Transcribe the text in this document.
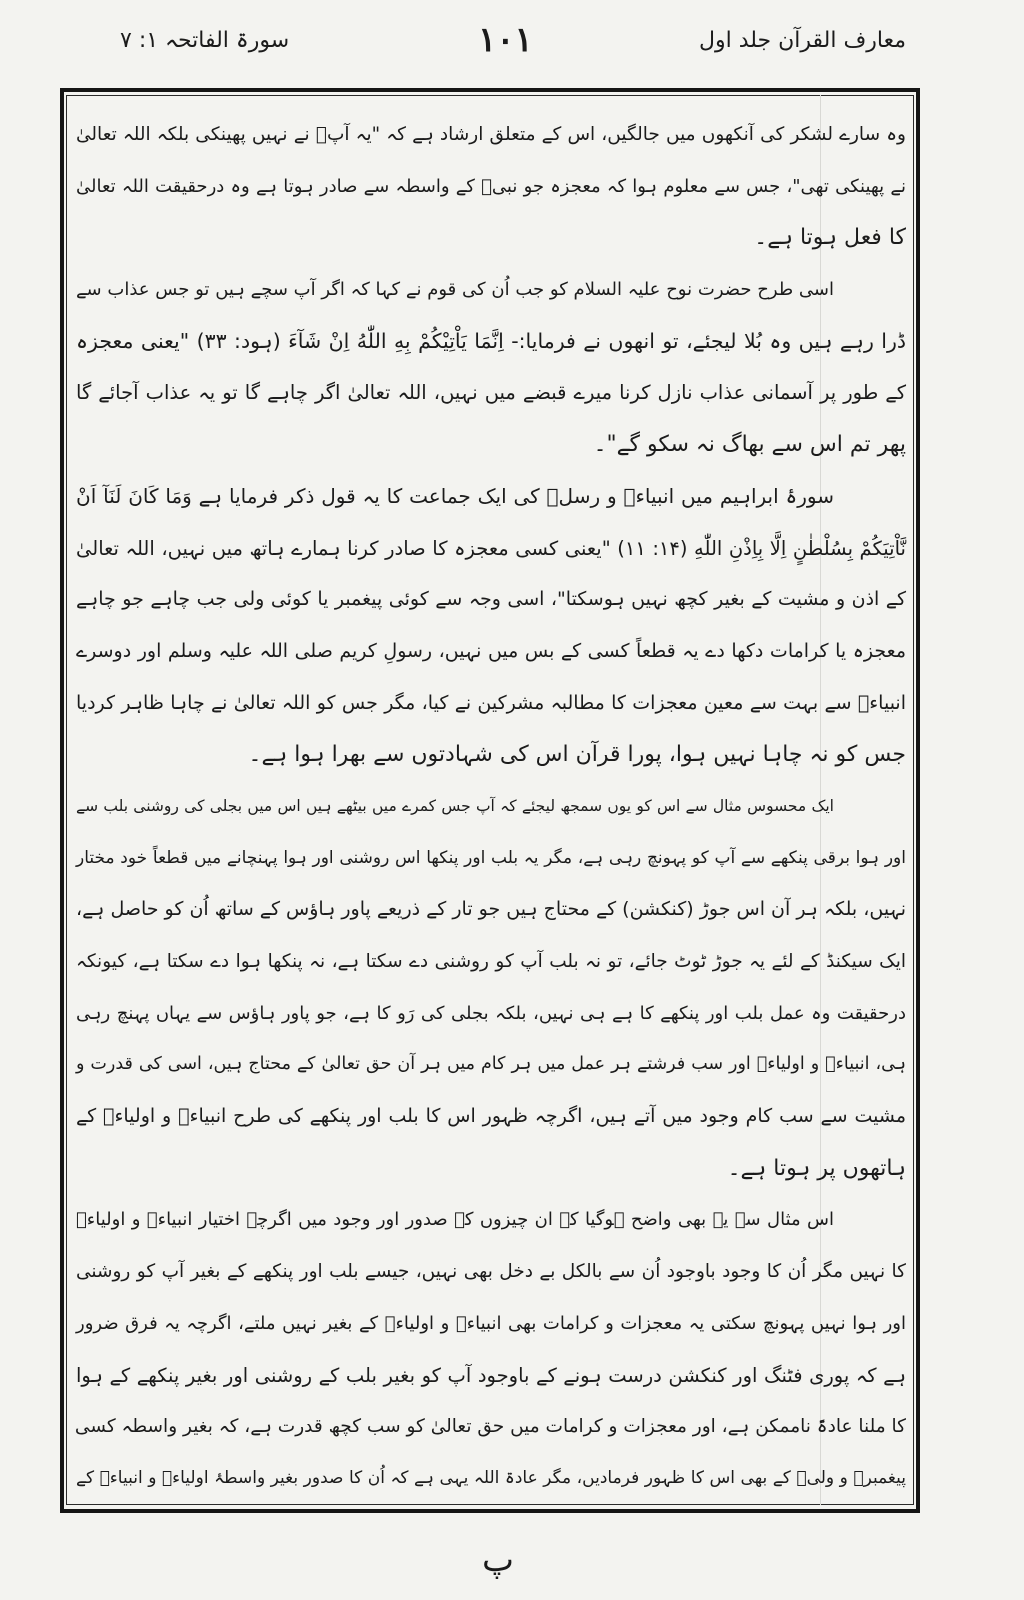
معارف القرآن جلد اول
١٠١
سورۃ الفاتحہ ۱: ۷
وہ سارے لشکر کی آنکھوں میں جالگیں، اس کے متعلق ارشاد ہے کہ "یہ آپؐ نے نہیں پھینکی بلکہ اللہ تعالیٰ
نے پھینکی تھی"، جس سے معلوم ہوا کہ معجزہ جو نبیؑ کے واسطہ سے صادر ہوتا ہے وہ درحقیقت اللہ تعالیٰ
کا فعل ہوتا ہے۔
اسی طرح حضرت نوح علیہ السلام کو جب اُن کی قوم نے کہا کہ اگر آپ سچے ہیں تو جس عذاب سے
ڈرا رہے ہیں وہ بُلا لیجئے، تو انھوں نے فرمایا:- اِنَّمَا یَاْتِیْکُمْ بِهِ اللّٰهُ اِنْ شَآءَ (ہود: ۳۳) "یعنی معجزہ
کے طور پر آسمانی عذاب نازل کرنا میرے قبضے میں نہیں، اللہ تعالیٰ اگر چاہے گا تو یہ عذاب آجائے گا
پھر تم اس سے بھاگ نہ سکو گے"۔
سورۂ ابراہیم میں انبیاءؑ و رسلؑ کی ایک جماعت کا یہ قول ذکر فرمایا ہے وَمَا كَانَ لَنَآ اَنْ
نَّاْتِيَكُمْ بِسُلْطٰنٍ اِلَّا بِاِذْنِ اللّٰهِ (۱۴: ۱۱) "یعنی کسی معجزہ کا صادر کرنا ہمارے ہاتھ میں نہیں، اللہ تعالیٰ
کے اذن و مشیت کے بغیر کچھ نہیں ہوسکتا"، اسی وجہ سے کوئی پیغمبر یا کوئی ولی جب چاہے جو چاہے
معجزہ یا کرامات دکھا دے یہ قطعاً کسی کے بس میں نہیں، رسولِ کریم صلی اللہ علیہ وسلم اور دوسرے
انبیاءؑ سے بہت سے معین معجزات کا مطالبہ مشرکین نے کیا، مگر جس کو اللہ تعالیٰ نے چاہا ظاہر کردیا
جس کو نہ چاہا نہیں ہوا، پورا قرآن اس کی شہادتوں سے بھرا ہوا ہے۔
ایک محسوس مثال سے اس کو یوں سمجھ لیجئے کہ آپ جس کمرے میں بیٹھے ہیں اس میں بجلی کی روشنی بلب سے
اور ہوا برقی پنکھے سے آپ کو پہونچ رہی ہے، مگر یہ بلب اور پنکھا اس روشنی اور ہوا پہنچانے میں قطعاً خود مختار
نہیں، بلکہ ہر آن اس جوڑ (کنکشن) کے محتاج ہیں جو تار کے ذریعے پاور ہاؤس کے ساتھ اُن کو حاصل ہے،
ایک سیکنڈ کے لئے یہ جوڑ ٹوٹ جائے، تو نہ بلب آپ کو روشنی دے سکتا ہے، نہ پنکھا ہوا دے سکتا ہے، کیونکہ
درحقیقت وہ عمل بلب اور پنکھے کا ہے ہی نہیں، بلکہ بجلی کی رَو کا ہے، جو پاور ہاؤس سے یہاں پہنچ رہی
ہی، انبیاءؑ و اولیاءؒ اور سب فرشتے ہر عمل میں ہر کام میں ہر آن حق تعالیٰ کے محتاج ہیں، اسی کی قدرت و
مشیت سے سب کام وجود میں آتے ہیں، اگرچہ ظہور اس کا بلب اور پنکھے کی طرح انبیاءؑ و اولیاءؒ کے
ہاتھوں پر ہوتا ہے۔
اس مثال سے یہ بھی واضح ہوگیا کہ ان چیزوں کے صدور اور وجود میں اگرچہ اختیار انبیاءؑ و اولیاءؒ
کا نہیں مگر اُن کا وجود باوجود اُن سے بالکل بے دخل بھی نہیں، جیسے بلب اور پنکھے کے بغیر آپ کو روشنی
اور ہوا نہیں پہونچ سکتی یہ معجزات و کرامات بھی انبیاءؑ و اولیاءؒ کے بغیر نہیں ملتے، اگرچہ یہ فرق ضرور
ہے کہ پوری فٹنگ اور کنکشن درست ہونے کے باوجود آپ کو بغیر بلب کے روشنی اور بغیر پنکھے کے ہوا
کا ملنا عادۃً ناممکن ہے، اور معجزات و کرامات میں حق تعالیٰ کو سب کچھ قدرت ہے، کہ بغیر واسطہ کسی
پیغمبرؑ و ولیؒ کے بھی اس کا ظہور فرمادیں، مگر عادۃ اللہ یہی ہے کہ اُن کا صدور بغیر واسطۂ اولیاءؒ و انبیاءؑ کے
پ
